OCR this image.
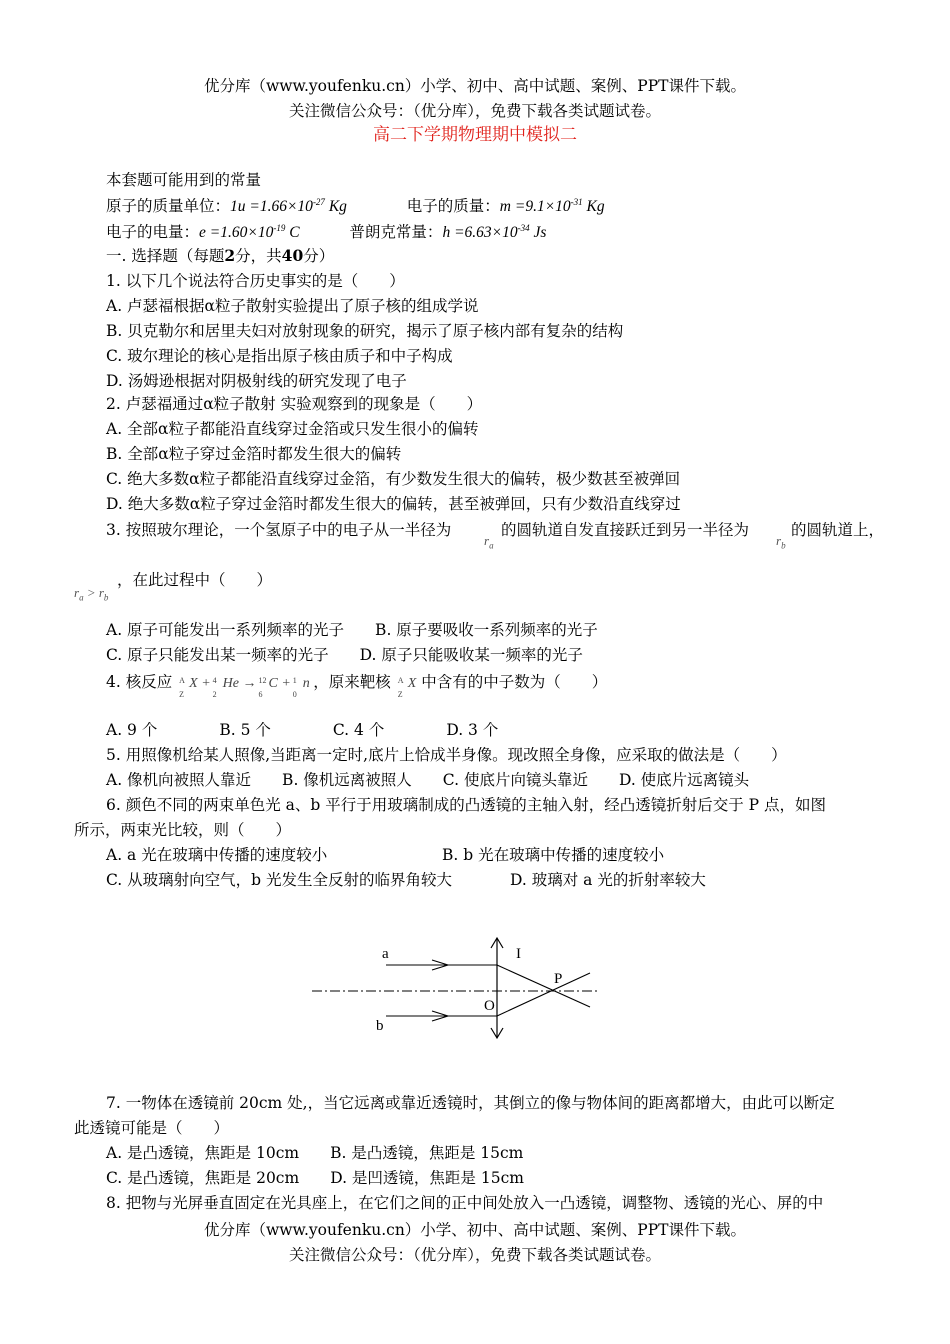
优分库（www.youfenku.cn）小学、初中、高中试题、案例、PPT课件下载。
关注微信公众号：（优分库），免费下载各类试题试卷。
高二下学期物理期中模拟二
本套题可能用到的常量
原子的质量单位：$1u =1.66\times 10^{-27}$ Kg	电子的质量：$m =9.1\times 10^{-31}$ Kg
电子的电量：$e =1.60\times 10^{-19}$ C	普朗克常量：$h =6.63\times 10^{-34}$ Js
一. 选择题（每题2分，共40分）
1. 以下几个说法符合历史事实的是（　　）
A. 卢瑟福根据α粒子散射实验提出了原子核的组成学说
B. 贝克勒尔和居里夫妇对放射现象的研究，揭示了原子核内部有复杂的结构
C. 玻尔理论的核心是指出原子核由质子和中子构成
D. 汤姆逊根据对阴极射线的研究发现了电子
2. 卢瑟福通过α粒子散射 实验观察到的现象是（　　）
A. 全部α粒子都能沿直线穿过金箔或只发生很小的偏转
B. 全部α粒子穿过金箔时都发生很大的偏转
C. 绝大多数α粒子都能沿直线穿过金箔，有少数发生很大的偏转，极少数甚至被弹回
D. 绝大多数α粒子穿过金箔时都发生很大的偏转，甚至被弹回，只有少数沿直线穿过
3. 按照玻尔理论，一个氢原子中的电子从一半径为
$r_a$
的圆轨道自发直接跃迁到另一半径为
$r_b$
的圆轨道上，
$r_a > r_b$
，在此过程中（　　）
A. 原子可能发出一系列频率的光子　　B. 原子要吸收一系列频率的光子
C. 原子只能发出某一频率的光子　　D. 原子只能吸收某一频率的光子
4. 核反应 A
Z
X + 4
2
He → 12
6
C + 1
0
n ，原来靶核 A
Z
X 中含有的中子数为（　　）
A. 9 个　　　　B. 5 个　　　　C. 4 个　　　　D. 3 个
5. 用照像机给某人照像,当距离一定时,底片上恰成半身像。现改照全身像，应采取的做法是（　　）
A. 像机向被照人靠近　　B. 像机远离被照人　　C. 使底片向镜头靠近　　D. 使底片远离镜头
6. 颜色不同的两束单色光 a、b 平行于用玻璃制成的凸透镜的主轴入射，经凸透镜折射后交于 P 点，如图
所示，两束光比较，则（　　）
A. a 光在玻璃中传播的速度较小	B. b 光在玻璃中传播的速度较小
C. 从玻璃射向空气，b 光发生全反射的临界角较大	D. 玻璃对 a 光的折射率较大
a
b
I
P
O
7. 一物体在透镜前 20cm 处,，当它远离或靠近透镜时，其倒立的像与物体间的距离都增大，由此可以断定
此透镜可能是（　　）
A. 是凸透镜，焦距是 10cm　　B. 是凸透镜，焦距是 15cm
C. 是凸透镜，焦距是 20cm　　D. 是凹透镜，焦距是 15cm
8. 把物与光屏垂直固定在光具座上，在它们之间的正中间处放入一凸透镜，调整物、透镜的光心、屏的中
优分库（www.youfenku.cn）小学、初中、高中试题、案例、PPT课件下载。
关注微信公众号：（优分库），免费下载各类试题试卷。
